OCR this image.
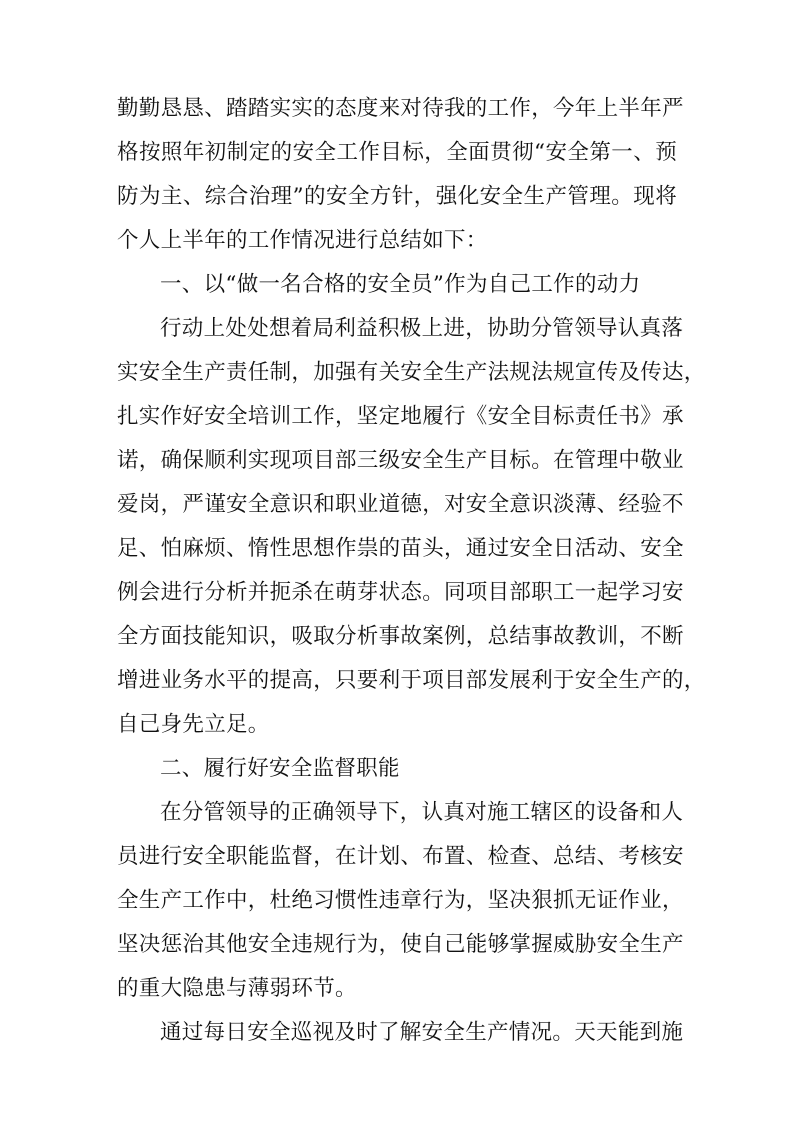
勤勤恳恳、踏踏实实的态度来对待我的工作，今年上半年严

格按照年初制定的安全工作目标，全面贯彻“安全第一、预

防为主、综合治理”的安全方针，强化安全生产管理。现将

个人上半年的工作情况进行总结如下：

一、以“做一名合格的安全员”作为自己工作的动力

行动上处处想着局利益积极上进，协助分管领导认真落

实安全生产责任制，加强有关安全生产法规法规宣传及传达，

扎实作好安全培训工作，坚定地履行《安全目标责任书》承

诺，确保顺利实现项目部三级安全生产目标。在管理中敬业

爱岗，严谨安全意识和职业道德，对安全意识淡薄、经验不

足、怕麻烦、惰性思想作祟的苗头，通过安全日活动、安全

例会进行分析并扼杀在萌芽状态。同项目部职工一起学习安

全方面技能知识，吸取分析事故案例，总结事故教训，不断

增进业务水平的提高，只要利于项目部发展利于安全生产的，

自己身先立足。

二、履行好安全监督职能

在分管领导的正确领导下，认真对施工辖区的设备和人

员进行安全职能监督，在计划、布置、检查、总结、考核安

全生产工作中，杜绝习惯性违章行为，坚决狠抓无证作业，

坚决惩治其他安全违规行为，使自己能够掌握威胁安全生产

的重大隐患与薄弱环节。

通过每日安全巡视及时了解安全生产情况。天天能到施
